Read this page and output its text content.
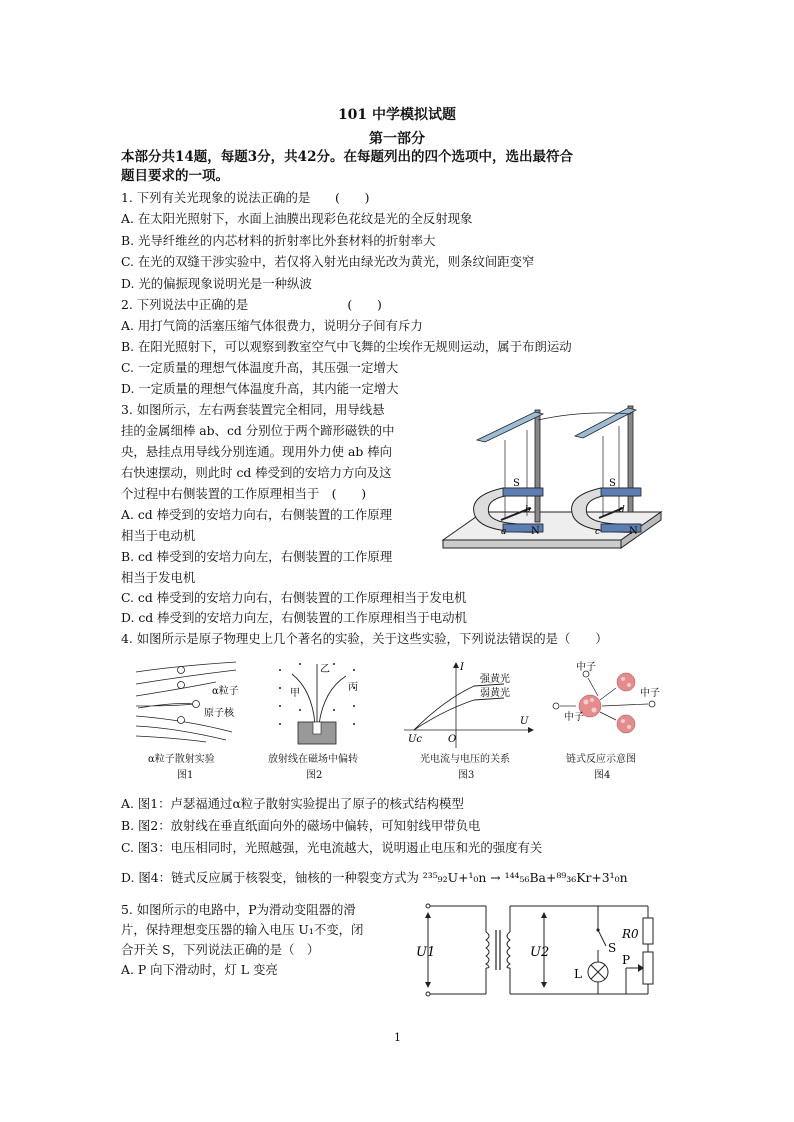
101 中学模拟试题
第一部分
本部分共14题，每题3分，共42分。在每题列出的四个选项中，选出最符合
题目要求的一项。
1. 下列有关光现象的说法正确的是　　(　　)
A. 在太阳光照射下，水面上油膜出现彩色花纹是光的全反射现象
B. 光导纤维丝的内芯材料的折射率比外套材料的折射率大
C. 在光的双缝干涉实验中，若仅将入射光由绿光改为黄光，则条纹间距变窄
D. 光的偏振现象说明光是一种纵波
2. 下列说法中正确的是　　　　　　　　(　　)
A. 用打气筒的活塞压缩气体很费力，说明分子间有斥力
B. 在阳光照射下，可以观察到教室空气中飞舞的尘埃作无规则运动，属于布朗运动
C. 一定质量的理想气体温度升高，其压强一定增大
D. 一定质量的理想气体温度升高，其内能一定增大
3. 如图所示，左右两套装置完全相同，用导线悬
挂的金属细棒 ab、cd 分别位于两个蹄形磁铁的中
央，悬挂点用导线分别连通。现用外力使 ab 棒向
右快速摆动，则此时 cd 棒受到的安培力方向及这
个过程中右侧装置的工作原理相当于　(　　)
A. cd 棒受到的安培力向右，右侧装置的工作原理
相当于电动机
B. cd 棒受到的安培力向左，右侧装置的工作原理
相当于发电机
C. cd 棒受到的安培力向右，右侧装置的工作原理相当于发电机
D. cd 棒受到的安培力向左，右侧装置的工作原理相当于电动机
S
N
a
b
S
N
c
d
4. 如图所示是原子物理史上几个著名的实验，关于这些实验，下列说法错误的是（　　）
α粒子
原子核
α粒子散射实验
图1
甲
乙
丙
放射线在磁场中偏转
图2
I
强黄光
弱黄光
U
Uc	O
光电流与电压的关系
图3
中子
中子
中子
链式反应示意图
图4
A. 图1：卢瑟福通过α粒子散射实验提出了原子的核式结构模型
B. 图2：放射线在垂直纸面向外的磁场中偏转，可知射线甲带负电
C. 图3：电压相同时，光照越强，光电流越大，说明遏止电压和光的强度有关
D. 图4：链式反应属于核裂变，铀核的一种裂变方式为 ²³⁵₉₂U+¹₀n → ¹⁴⁴₅₆Ba+⁸⁹₃₆Kr+3¹₀n
5. 如图所示的电路中，P为滑动变阻器的滑
片，保持理想变压器的输入电压 U₁不变，闭
合开关 S，下列说法正确的是（　）
A. P 向下滑动时，灯 L 变亮
U1	U2	S
R0
P
L
1
